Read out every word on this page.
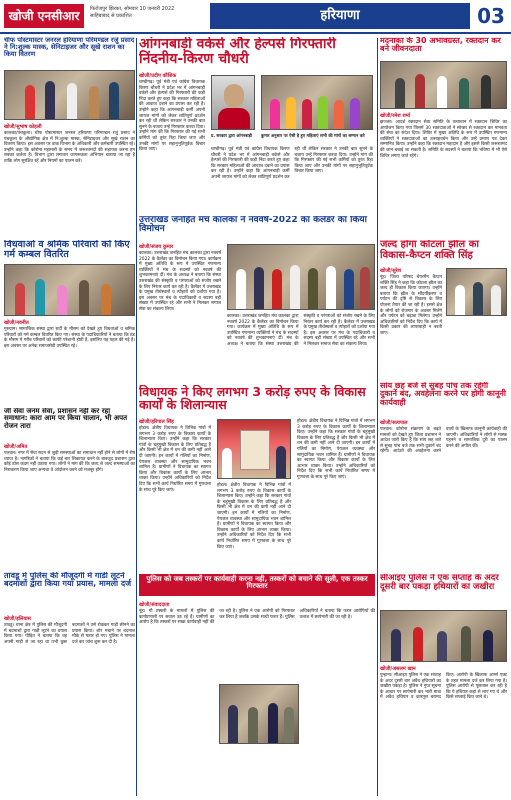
खोजी एनसीआर	फिरोजपुर झिरका, सोमवार 10 जनवरी 2022
साहिबाबाद से प्रकाशित	हरियाणा	03
चीफ पोस्टमास्टर जनरल हरियाणा परिमण्डल रजुं प्रसाद ने नि:शुल्क मास्क, सेनिटाइजर और सूखे राशन का किया वितरण
खोजी/सुभाष कोहली
कालका/पंचकूला। चीफ पोस्टमास्टर जनरल हरियाणा परिमण्डल रजुं प्रसाद ने पंचकूला के औद्योगिक क्षेत्र में नि:शुल्क मास्क, सेनिटाइजर और सूखे राशन का वितरण किया। इस अवसर पर डाक विभाग के अधिकारी और कर्मचारी उपस्थित रहे। उन्होंने कहा कि कोरोना महामारी के समय में जरूरतमंदों की सहायता करना हम सबका कर्तव्य है। विभाग द्वारा लगातार जागरूकता अभियान चलाया जा रहा है ताकि लोग सुरक्षित रहें और नियमों का पालन करें।
आंगनबाड़ी वर्कर्स और हेल्पर्स गिरफ्तारी निंदनीय-किरण चौधरी
खोजी/प्रदीप कौशिक
चण्डीगढ़। पूर्व मंत्री एवं कांग्रेस विधायक किरण चौधरी ने प्रदेश भर में आंगनबाड़ी वर्कर्स और हेल्पर्स की गिरफ्तारी की कड़ी निंदा करते हुए कहा कि सरकार महिलाओं की आवाज दबाने का प्रयास कर रही है। उन्होंने कहा कि आंगनबाड़ी कर्मी अपनी जायज मांगों को लेकर शांतिपूर्ण प्रदर्शन कर रही थीं लेकिन सरकार ने उनकी बात सुनने के बजाय उन्हें गिरफ्तार करवा दिया। उन्होंने मांग की कि गिरफ्तार की गई सभी कर्मियों को तुरंत रिहा किया जाए और उनकी मांगों पर सहानुभूतिपूर्वक विचार किया जाए।
प्र. सरकार द्वारा आंगनबाड़ी	कुमार अनुसार पर ऐसी है हुए महिलाएं सभी की मांगों का सम्मान करे
चण्डीगढ़। पूर्व मंत्री एवं कांग्रेस विधायक किरण चौधरी ने प्रदेश भर में आंगनबाड़ी वर्कर्स और हेल्पर्स की गिरफ्तारी की कड़ी निंदा करते हुए कहा कि सरकार महिलाओं की आवाज दबाने का प्रयास कर रही है। उन्होंने कहा कि आंगनबाड़ी कर्मी अपनी जायज मांगों को लेकर शांतिपूर्ण प्रदर्शन कर रही थीं लेकिन सरकार ने उनकी बात सुनने के बजाय उन्हें गिरफ्तार करवा दिया। उन्होंने मांग की कि गिरफ्तार की गई सभी कर्मियों को तुरंत रिहा किया जाए और उनकी मांगों पर सहानुभूतिपूर्वक विचार किया जाए।
मदनाका के 30 अभावग्रस्त, रक्तदान कर बने जीवनदाता
खोजी/रमेश शर्मा
झज्जर। आदर्श रक्तदान सेवा समिति के तत्वाधान में रक्तदान शिविर का आयोजन किया गया जिसमें 30 रक्तदाताओं ने स्वेच्छा से रक्तदान कर मानवता की सेवा का संदेश दिया। शिविर में मुख्य अतिथि के रूप में उपस्थित गणमान्य व्यक्तियों ने रक्तदाताओं का उत्साहवर्धन किया और उन्हें प्रमाण पत्र देकर सम्मानित किया। उन्होंने कहा कि रक्तदान महादान है और इससे किसी जरूरतमंद की जान बचाई जा सकती है। समिति के सदस्यों ने बताया कि भविष्य में भी ऐसे शिविर लगाए जाते रहेंगे।
विधवाओं व श्रमिक परिवारों को किए गर्म कम्बल वितरित
खोजी/नवनीत
गुरुग्राम। सामाजिक संस्था द्वारा सर्दी के मौसम को देखते हुए विधवाओं व श्रमिक परिवारों को गर्म कम्बल वितरित किए गए। संस्था के पदाधिकारियों ने बताया कि ठंड के मौसम में गरीब परिवारों को काफी परेशानी होती है, इसलिए यह पहल की गई है। इस अवसर पर अनेक समाजसेवी उपस्थित रहे।
जी सेवा जनम सेवा, प्रशासन नहीं कर रहा समाधान: कारा आम पर किया चालान, भी अपत रोजन तारा
खोजी/अमित
पलवल। नगर में सेवा सदन से जुड़ी समस्याओं का समाधान नहीं होने से लोगों में रोष व्याप्त है। नागरिकों ने बताया कि कई बार शिकायत करने के बावजूद प्रशासन द्वारा कोई ठोस कदम नहीं उठाया गया। लोगों ने मांग की कि जल्द से जल्द समस्याओं का निराकरण किया जाए अन्यथा वे आंदोलन करने को मजबूर होंगे।
उत्तराखंड जनहित मंच कालका ने नववर्ष-2022 का कैलेंडर का किया विमोचन
खोजी/संजय कुमार
कालका। उत्तराखंड जनहित मंच कालका द्वारा नववर्ष 2022 के कैलेंडर का विमोचन किया गया। कार्यक्रम में मुख्य अतिथि के रूप में उपस्थित गणमान्य व्यक्तियों ने मंच के सदस्यों को नववर्ष की शुभकामनाएं दीं। मंच के अध्यक्ष ने बताया कि संस्था उत्तराखंड की संस्कृति व परंपराओं को संजोए रखने के लिए निरंतर कार्य कर रही है। कैलेंडर में उत्तराखंड के प्रमुख तीर्थस्थलों व त्योहारों को दर्शाया गया है। इस अवसर पर मंच के पदाधिकारी व सदस्य बड़ी संख्या में उपस्थित रहे और सभी ने मिलकर समाज सेवा का संकल्प लिया।
कालका। उत्तराखंड जनहित मंच कालका द्वारा नववर्ष 2022 के कैलेंडर का विमोचन किया गया। कार्यक्रम में मुख्य अतिथि के रूप में उपस्थित गणमान्य व्यक्तियों ने मंच के सदस्यों को नववर्ष की शुभकामनाएं दीं। मंच के अध्यक्ष ने बताया कि संस्था उत्तराखंड की संस्कृति व परंपराओं को संजोए रखने के लिए निरंतर कार्य कर रही है। कैलेंडर में उत्तराखंड के प्रमुख तीर्थस्थलों व त्योहारों को दर्शाया गया है। इस अवसर पर मंच के पदाधिकारी व सदस्य बड़ी संख्या में उपस्थित रहे और सभी ने मिलकर समाज सेवा का संकल्प लिया।
जल्द होगा कोटला झील का विकास-कैप्टन शक्ति सिंह
खोजी/सुरेश
नूंह। जिला परिषद चेयरमैन कैप्टन शक्ति सिंह ने कहा कि कोटला झील का जल्द ही विकास किया जाएगा। उन्होंने बताया कि झील के सौंदर्यीकरण व पर्यटन की दृष्टि से विकास के लिए योजना तैयार की जा रही है। इससे क्षेत्र के लोगों को रोजगार के अवसर मिलेंगे और पर्यटन को बढ़ावा मिलेगा। उन्होंने अधिकारियों को निर्देश दिए कि कार्य में किसी प्रकार की लापरवाही न बरती जाए।
सांय छह बजे से सुबह पांच तक रहेगी दुकानें बंद, अवहेलना करने पर होगी कानूनी कार्यवाही
खोजी/सत्यपाल
पलवल। कोरोना संक्रमण के बढ़ते मामलों को देखते हुए जिला प्रशासन ने आदेश जारी किए हैं कि सांय छह बजे से सुबह पांच बजे तक सभी दुकानें बंद रहेंगी। आदेशों की अवहेलना करने वालों के खिलाफ कानूनी कार्यवाही की जाएगी। अधिकारियों ने लोगों से मास्क पहनने व सामाजिक दूरी का पालन करने की अपील की।
विधायक ने किए लगभग 3 करोड़ रुपए के विकास कार्यों के शिलान्यास
खोजी/हरिपाल सिंह
होडल। क्षेत्रीय विधायक ने विभिन्न गांवों में लगभग 3 करोड़ रुपए के विकास कार्यों के शिलान्यास किए। उन्होंने कहा कि सरकार गांवों के चहुंमुखी विकास के लिए प्रतिबद्ध है और किसी भी क्षेत्र में धन की कमी नहीं आने दी जाएगी। इन कार्यों में गलियों का निर्माण, पेयजल व्यवस्था और सामुदायिक भवन शामिल हैं। ग्रामीणों ने विधायक का स्वागत किया और विकास कार्यों के लिए आभार व्यक्त किया। उन्होंने अधिकारियों को निर्देश दिए कि सभी कार्य निर्धारित समय में गुणवत्ता के साथ पूरे किए जाएं।
होडल। क्षेत्रीय विधायक ने विभिन्न गांवों में लगभग 3 करोड़ रुपए के विकास कार्यों के शिलान्यास किए। उन्होंने कहा कि सरकार गांवों के चहुंमुखी विकास के लिए प्रतिबद्ध है और किसी भी क्षेत्र में धन की कमी नहीं आने दी जाएगी। इन कार्यों में गलियों का निर्माण, पेयजल व्यवस्था और सामुदायिक भवन शामिल हैं। ग्रामीणों ने विधायक का स्वागत किया और विकास कार्यों के लिए आभार व्यक्त किया। उन्होंने अधिकारियों को निर्देश दिए कि सभी कार्य निर्धारित समय में गुणवत्ता के साथ पूरे किए जाएं।
होडल। क्षेत्रीय विधायक ने विभिन्न गांवों में लगभग 3 करोड़ रुपए के विकास कार्यों के शिलान्यास किए। उन्होंने कहा कि सरकार गांवों के चहुंमुखी विकास के लिए प्रतिबद्ध है और किसी भी क्षेत्र में धन की कमी नहीं आने दी जाएगी। इन कार्यों में गलियों का निर्माण, पेयजल व्यवस्था और सामुदायिक भवन शामिल हैं। ग्रामीणों ने विधायक का स्वागत किया और विकास कार्यों के लिए आभार व्यक्त किया। उन्होंने अधिकारियों को निर्देश दिए कि सभी कार्य निर्धारित समय में गुणवत्ता के साथ पूरे किए जाएं।
तावडू में पुलिस की मौजूदगी में गाडी लूटने बदमाशों द्वारा किया गया प्रयास, मामला दर्ज
खोजी/इलियास
तावडू। थाना क्षेत्र में पुलिस की मौजूदगी में बदमाशों द्वारा गाड़ी लूटने का प्रयास किया गया। पीड़ित ने बताया कि वह अपनी गाड़ी से जा रहा था तभी कुछ बदमाशों ने उसे रोककर गाड़ी छीनने का प्रयास किया। शोर मचाने पर बदमाश मौके से फरार हो गए। पुलिस ने मामला दर्ज कर जांच शुरू कर दी है।
पुलिस को जब तस्करों पर कार्यवाही करना नही, तस्करों को बचाने की सूली, एक तस्कर गिरफ्तार
खोजी/संवाददाता
नूंह। गौ तस्करी के मामलों में पुलिस की कार्यप्रणाली पर सवाल उठ रहे हैं। ग्रामीणों का आरोप है कि तस्करों पर सख्त कार्यवाही नहीं की जा रही है। पुलिस ने एक आरोपी को गिरफ्तार कर लिया है जबकि उसके साथी फरार हैं। पुलिस अधिकारियों ने बताया कि फरार आरोपियों की तलाश में छापेमारी की जा रही है।
सीआइए पुलिस ने एक सप्ताह के अंदर दूसरी बार पकड़ा हथियारों का जखीरा
खोजी/असलम खान
पुन्हाना। सीआइए पुलिस ने एक सप्ताह के अंदर दूसरी बार अवैध हथियारों का जखीरा पकड़ा है। पुलिस ने गुप्त सूचना के आधार पर छापेमारी कर भारी मात्रा में अवैध हथियार व कारतूस बरामद किए। आरोपी के खिलाफ आर्म्स एक्ट के तहत मामला दर्ज कर लिया गया है। पुलिस आरोपी से पूछताछ कर रही है कि ये हथियार कहां से लाए गए थे और किसे सप्लाई किए जाने थे।
